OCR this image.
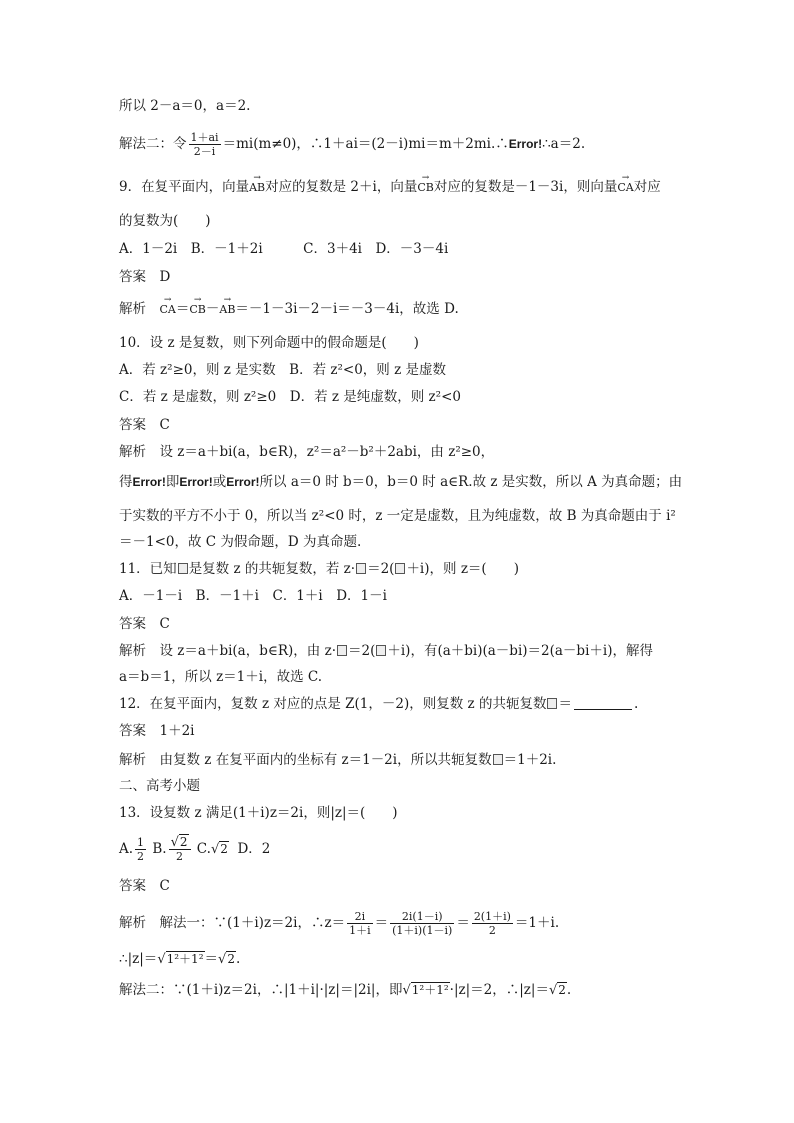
所以 2－a＝0，a＝2.
解法二：令 $\frac{1+ai}{2-i} =mi(m\ne 0)$，∴1＋ai＝(2－i)mi＝m＋2mi.∴Error!∴a＝2.
9．在复平面内，向量→ AB对应的复数是 2＋i，向量→ CB对应的复数是－1－3i，则向量→ CA对应
的复数为(　　)
A．1－2i　B．－1＋2i　　　C．3＋4i　D．－3－4i
答案　D
解析　→ CA＝→ CB－→ AB＝－1－3i－2－i＝－3－4i，故选 D.
10．设 z 是复数，则下列命题中的假命题是(　　)
A．若 z²≥0，则 z 是实数　B．若 z²<0，则 z 是虚数
C．若 z 是虚数，则 z²≥0　D．若 z 是纯虚数，则 z²<0
答案　C
解析　设 z＝a＋bi(a，b∈R)，z²＝a²－b²＋2abi，由 z²≥0，
得Error!即Error!或Error!所以 a＝0 时 b＝0，b＝0 时 a∈R.故 z 是实数，所以 A 为真命题；由
于实数的平方不小于 0，所以当 z²<0 时，z 一定是虚数，且为纯虚数，故 B 为真命题由于 i²
＝－1<0，故 C 为假命题，D 为真命题.
11．已知 是复数 z 的共轭复数，若 z· ＝2( ＋i)，则 z＝(　　)
A．－1－i　B．－1＋i　C．1＋i　D．1－i
答案　C
解析　设 z＝a＋bi(a，b∈R)，由 z· ＝2( ＋i)，有(a＋bi)(a－bi)＝2(a－bi＋i)，解得
a＝b＝1，所以 z＝1＋i，故选 C.
12．在复平面内，复数 z 对应的点是 Z(1，－2)，则复数 z 的共轭复数 ＝	.
答案　1＋2i
解析　由复数 z 在复平面内的坐标有 z＝1－2i，所以共轭复数 ＝1＋2i.
二、高考小题
13．设复数 z 满足(1＋i)z＝2i，则|z|＝(　　)
A. $\frac{1}{2} B$. $\frac{√2}{2} C.√2$ D．2
答案　C
解析　解法一：∵(1＋i)z＝2i，∴z＝ $\frac{2i}{1+i} = \frac{2i(1-i)}{(1+i)(1-i)} = \frac{2(1+i)}{2} =1+i$.
∴|z|＝√1²＋1²＝√2.
解法二：∵(1＋i)z＝2i，∴|1＋i|·|z|＝|2i|，即√1²＋1²·|z|＝2，∴|z|＝√2.
